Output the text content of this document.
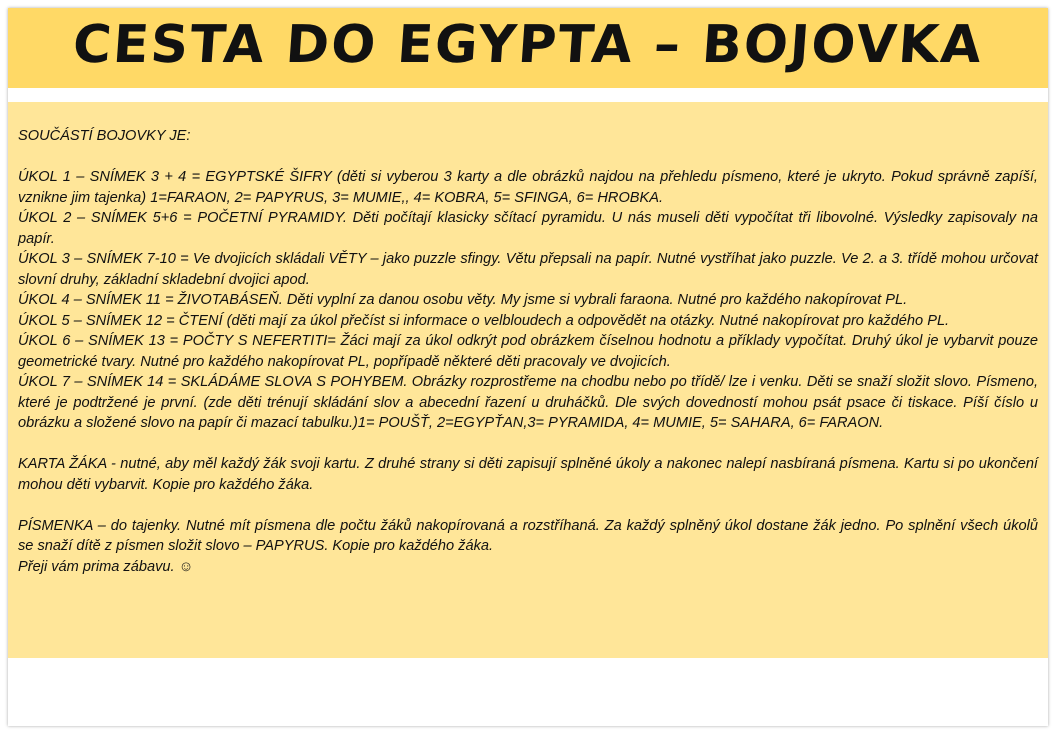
CESTA DO EGYPTA – BOJOVKA

SOUČÁSTÍ BOJOVKY JE:

ÚKOL 1 – SNÍMEK 3 + 4 = EGYPTSKÉ ŠIFRY (děti si vyberou 3 karty a dle obrázků najdou na přehledu písmeno, které je ukryto. Pokud správně zapíší, vznikne jim tajenka) 1=FARAON, 2= PAPYRUS, 3= MUMIE,, 4= KOBRA, 5= SFINGA, 6= HROBKA.

ÚKOL 2 – SNÍMEK 5+6 = POČETNÍ PYRAMIDY. Děti počítají klasicky sčítací pyramidu. U nás museli děti vypočítat tři libovolné. Výsledky zapisovaly na papír.

ÚKOL 3 – SNÍMEK 7-10 = Ve dvojicích skládali VĚTY – jako puzzle sfingy. Větu přepsali na papír. Nutné vystříhat jako puzzle. Ve 2. a 3. třídě mohou určovat slovní druhy, základní skladební dvojici apod.

ÚKOL 4 – SNÍMEK 11 = ŽIVOTABÁSEŇ. Děti vyplní za danou osobu věty. My jsme si vybrali faraona. Nutné pro každého nakopírovat PL.

ÚKOL 5 – SNÍMEK 12 = ČTENÍ (děti mají za úkol přečíst si informace o velbloudech a odpovědět na otázky. Nutné nakopírovat pro každého PL.

ÚKOL 6 – SNÍMEK 13 = POČTY S NEFERTITI= Žáci mají za úkol odkrýt pod obrázkem číselnou hodnotu a příklady vypočítat. Druhý úkol je vybarvit pouze geometrické tvary. Nutné pro každého nakopírovat PL, popřípadě některé děti pracovaly ve dvojicích.

ÚKOL 7 – SNÍMEK 14 = SKLÁDÁME SLOVA S POHYBEM. Obrázky rozprostřeme na chodbu nebo po třídě/ lze i venku. Děti se snaží složit slovo. Písmeno, které je podtržené je první. (zde děti trénují skládání slov a abecední řazení u druháčků. Dle svých dovedností mohou psát psace či tiskace. Píší číslo u obrázku a složené slovo na papír či mazací tabulku.)1= POUŠŤ, 2=EGYPŤAN,3= PYRAMIDA, 4= MUMIE, 5= SAHARA, 6= FARAON.

KARTA ŽÁKA - nutné, aby měl každý žák svoji kartu. Z druhé strany si děti zapisují splněné úkoly a nakonec nalepí nasbíraná písmena. Kartu si po ukončení mohou děti vybarvit. Kopie pro každého žáka.

PÍSMENKA – do tajenky. Nutné mít písmena dle počtu žáků nakopírovaná a rozstříhaná. Za každý splněný úkol dostane žák jedno. Po splnění všech úkolů se snaží dítě z písmen složit slovo – PAPYRUS. Kopie pro každého žáka.

Přeji vám prima zábavu. ☺
